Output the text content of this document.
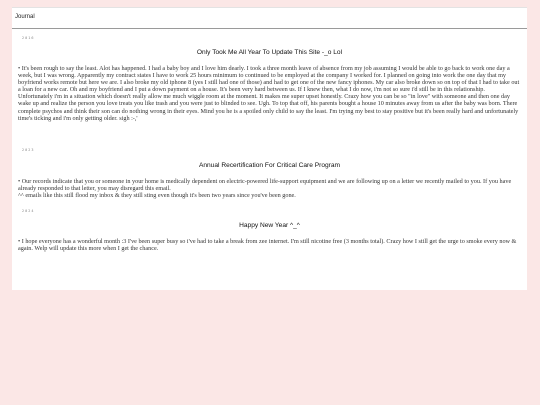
Journal
2016
Only Took Me All Year To Update This Site -_o Lol

• It's been rough to say the least. Alot has happened. I had a baby boy and I love him dearly. I took a three month leave of absence from my job assuming I would be able to go back to work one day a week, but I was wrong. Apparently my contract states I have to work 25 hours minimum to continued to be employed at the company I worked for. I planned on going into work the one day that my boyfriend works remote but here we are. I also broke my old iphone 8 (yes I still had one of those) and had to get one of the new fancy iphones. My car also broke down so on top of that I had to take out a loan for a new car. Oh and my boyfriend and I put a down payment on a house. It's been very hard between us. If I knew then, what I do now, i'm not so sure i'd still be in this relationship. Unfortunately i'm in a situation which doesn't really allow me much wiggle room at the moment. It makes me super upset honestly. Crazy how you can be so "in love" with someone and then one day wake up and realize the person you love treats you like trash and you were just to blinded to see. Ugh. To top that off, his parents bought a house 10 minutes away from us after the baby was born. There complete psychos and think their son can do nothing wrong in their eyes. Mind you he is a spoiled only child to say the least. I'm trying my best to stay positive but it's been really hard and unfortunately time's ticking and i'm only getting older. sigh :-,'

2023
Annual Recertification For Critical Care Program

• Our records indicate that you or someone in your home is medically dependent on electric-powered life-support equipment and we are following up on a letter we recently mailed to you. If you have already responded to that letter, you may disregard this email.
^^ emails like this still flood my inbox & they still sting even though it's been two years since you've been gone.

2024
Happy New Year ^_^

• I hope everyone has a wonderful month :3 I've been super busy so i've had to take a break from zee internet. I'm still nicotine free (3 months total). Crazy how I still get the urge to smoke every now & again. Welp will update this more when I get the chance.
